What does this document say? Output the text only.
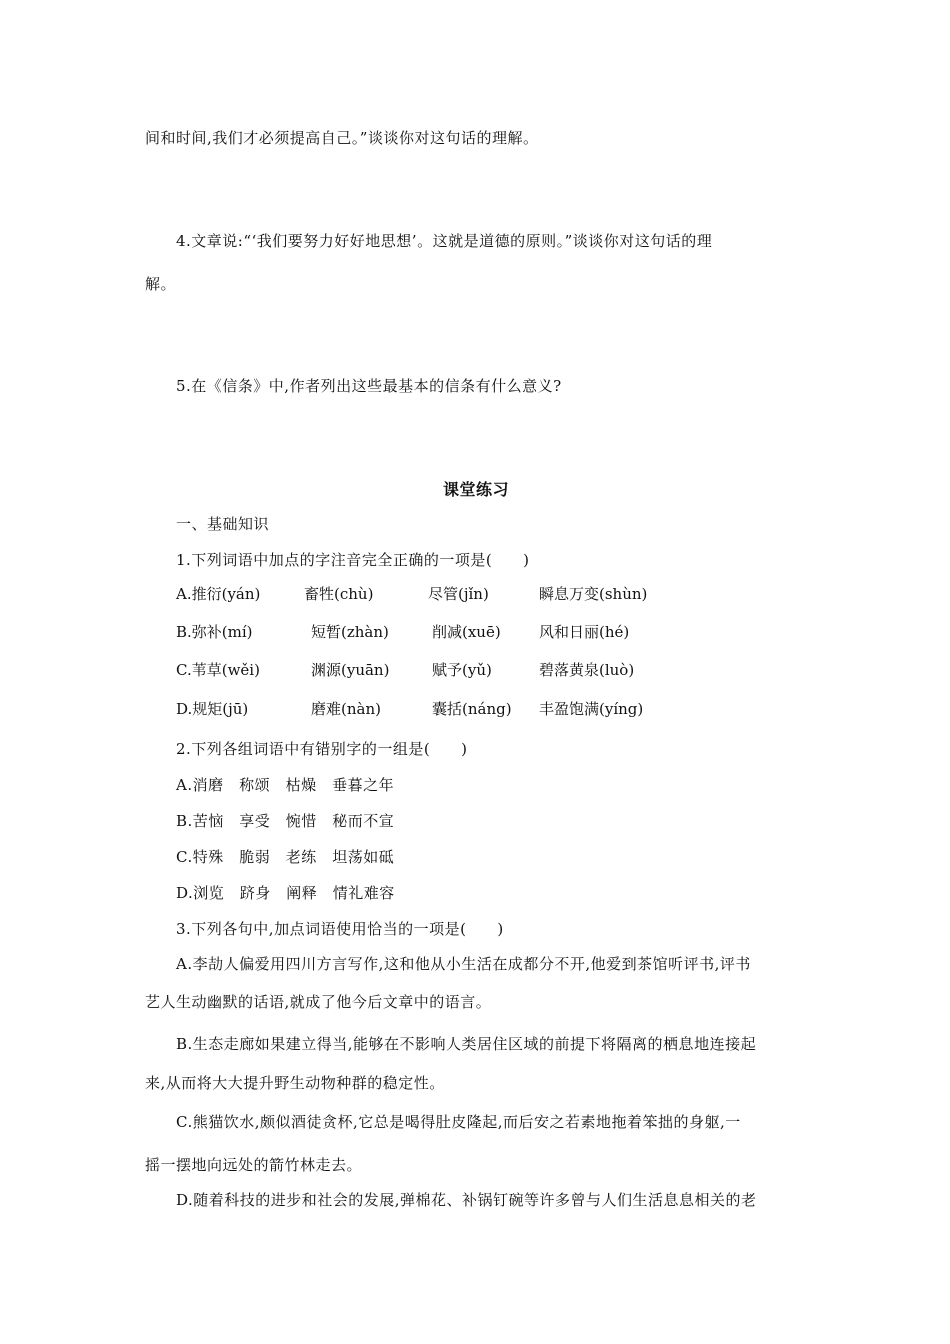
间和时间,我们才必须提高自己。”谈谈你对这句话的理解。
4.文章说:“‘我们要努力好好地思想’。这就是道德的原则。”谈谈你对这句话的理
解。
5.在《信条》中,作者列出这些最基本的信条有什么意义?
课堂练习
一、基础知识
1.下列词语中加点的字注音完全正确的一项是(　　)
A.推衍(yán)	畜牲(chù)	尽管(jǐn)	瞬息万变(shùn)
B.弥补(mí)	短暂(zhàn)	削减(xuē)	风和日丽(hé)
C.苇草(wěi)	渊源(yuān)	赋予(yǔ)	碧落黄泉(luò)
D.规矩(jū)	磨难(nàn)	囊括(náng) 丰盈饱满(yíng)
2.下列各组词语中有错别字的一组是(　　)
A.消磨　称颂　枯燥　垂暮之年
B.苦恼　享受　惋惜　秘而不宣
C.特殊　脆弱　老练　坦荡如砥
D.浏览　跻身　阐释　情礼难容
3.下列各句中,加点词语使用恰当的一项是(　　)
A.李劼人偏爱用四川方言写作,这和他从小生活在成都分不开,他爱到茶馆听评书,评书
艺人生动幽默的话语,就成了他今后文章中的语言。
B.生态走廊如果建立得当,能够在不影响人类居住区域的前提下将隔离的栖息地连接起
来,从而将大大提升野生动物种群的稳定性。
C.熊猫饮水,颇似酒徒贪杯,它总是喝得肚皮隆起,而后安之若素地拖着笨拙的身躯,一
摇一摆地向远处的箭竹林走去。
D.随着科技的进步和社会的发展,弹棉花、补锅钉碗等许多曾与人们生活息息相关的老
